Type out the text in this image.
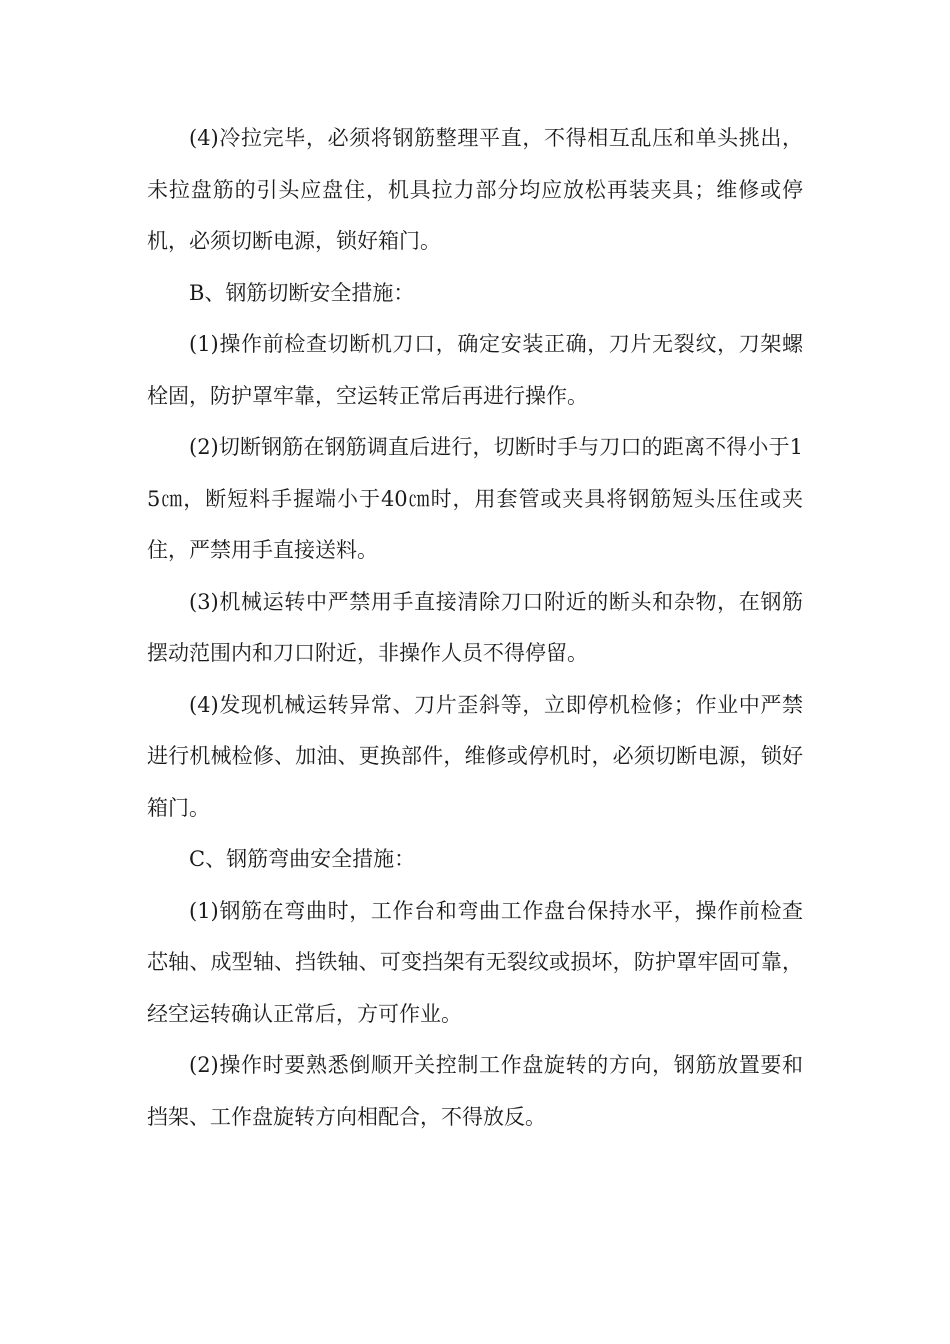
(4)冷拉完毕，必须将钢筋整理平直，不得相互乱压和单头挑出，未拉盘筋的引头应盘住，机具拉力部分均应放松再装夹具；维修或停机，必须切断电源，锁好箱门。

B、钢筋切断安全措施：

(1)操作前检查切断机刀口，确定安装正确，刀片无裂纹，刀架螺栓固，防护罩牢靠，空运转正常后再进行操作。

(2)切断钢筋在钢筋调直后进行，切断时手与刀口的距离不得小于15㎝，断短料手握端小于40㎝时，用套管或夹具将钢筋短头压住或夹住，严禁用手直接送料。

(3)机械运转中严禁用手直接清除刀口附近的断头和杂物，在钢筋摆动范围内和刀口附近，非操作人员不得停留。

(4)发现机械运转异常、刀片歪斜等，立即停机检修；作业中严禁进行机械检修、加油、更换部件，维修或停机时，必须切断电源，锁好箱门。

C、钢筋弯曲安全措施：

(1)钢筋在弯曲时，工作台和弯曲工作盘台保持水平，操作前检查芯轴、成型轴、挡铁轴、可变挡架有无裂纹或损坏，防护罩牢固可靠，经空运转确认正常后，方可作业。

(2)操作时要熟悉倒顺开关控制工作盘旋转的方向，钢筋放置要和挡架、工作盘旋转方向相配合，不得放反。
